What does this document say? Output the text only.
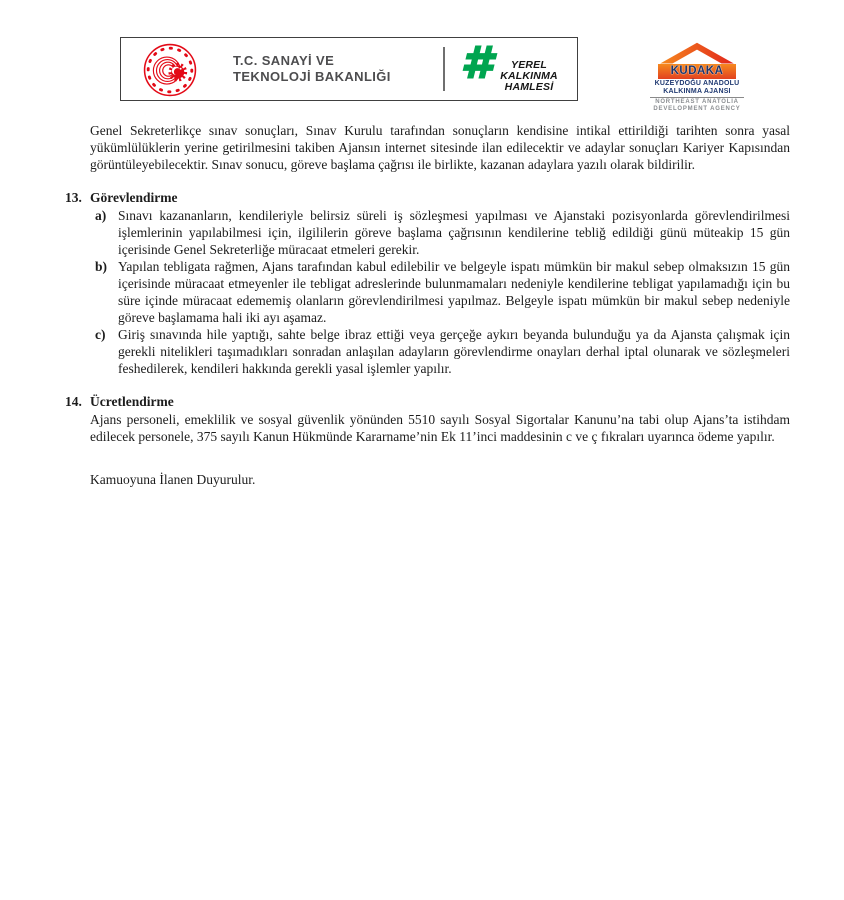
T.C. SANAYİ VE
TEKNOLOJİ BAKANLIĞI
YEREL
KALKINMA
HAMLESİ
KUDAKA
KUZEYDOĞU ANADOLU
KALKINMA AJANSI
NORTHEAST ANATOLIA
DEVELOPMENT AGENCY

Genel Sekreterlikçe sınav sonuçları, Sınav Kurulu tarafından sonuçların kendisine intikal ettirildiği tarihten sonra yasal yükümlülüklerin yerine getirilmesini takiben Ajansın internet sitesinde ilan edilecektir ve adaylar sonuçları Kariyer Kapısından görüntüleyebilecektir. Sınav sonucu, göreve başlama çağrısı ile birlikte, kazanan adaylara yazılı olarak bildirilir.

13. Görevlendirme
a) Sınavı kazananların, kendileriyle belirsiz süreli iş sözleşmesi yapılması ve Ajanstaki pozisyonlarda görevlendirilmesi işlemlerinin yapılabilmesi için, ilgililerin göreve başlama çağrısının kendilerine tebliğ edildiği günü müteakip 15 gün içerisinde Genel Sekreterliğe müracaat etmeleri gerekir.
b) Yapılan tebligata rağmen, Ajans tarafından kabul edilebilir ve belgeyle ispatı mümkün bir makul sebep olmaksızın 15 gün içerisinde müracaat etmeyenler ile tebligat adreslerinde bulunmamaları nedeniyle kendilerine tebligat yapılamadığı için bu süre içinde müracaat edememiş olanların görevlendirilmesi yapılmaz. Belgeyle ispatı mümkün bir makul sebep nedeniyle göreve başlamama hali iki ayı aşamaz.
c) Giriş sınavında hile yaptığı, sahte belge ibraz ettiği veya gerçeğe aykırı beyanda bulunduğu ya da Ajansta çalışmak için gerekli nitelikleri taşımadıkları sonradan anlaşılan adayların görevlendirme onayları derhal iptal olunarak ve sözleşmeleri feshedilerek, kendileri hakkında gerekli yasal işlemler yapılır.
14. Ücretlendirme

Ajans personeli, emeklilik ve sosyal güvenlik yönünden 5510 sayılı Sosyal Sigortalar Kanunu’na tabi olup Ajans’ta istihdam edilecek personele, 375 sayılı Kanun Hükmünde Kararname’nin Ek 11’inci maddesinin c ve ç fıkraları uyarınca ödeme yapılır.

Kamuoyuna İlanen Duyurulur.
